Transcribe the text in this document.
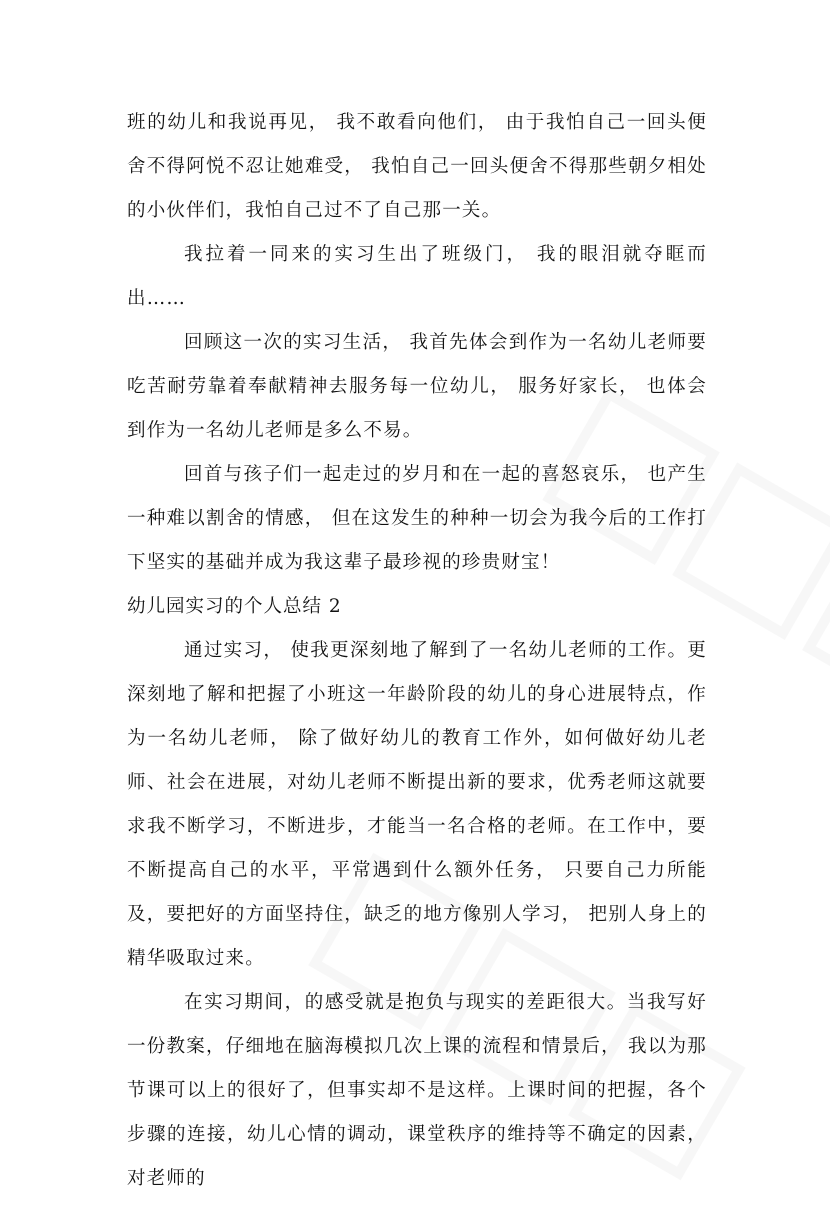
班的幼儿和我说再见， 我不敢看向他们， 由于我怕自己一回头便舍不得阿悦不忍让她难受， 我怕自己一回头便舍不得那些朝夕相处的小伙伴们，我怕自己过不了自己那一关。

我拉着一同来的实习生出了班级门， 我的眼泪就夺眶而出……

回顾这一次的实习生活， 我首先体会到作为一名幼儿老师要吃苦耐劳靠着奉献精神去服务每一位幼儿， 服务好家长， 也体会到作为一名幼儿老师是多么不易。

回首与孩子们一起走过的岁月和在一起的喜怒哀乐， 也产生一种难以割舍的情感， 但在这发生的种种一切会为我今后的工作打下坚实的基础并成为我这辈子最珍视的珍贵财宝！

幼儿园实习的个人总结 2

通过实习， 使我更深刻地了解到了一名幼儿老师的工作。更深刻地了解和把握了小班这一年龄阶段的幼儿的身心进展特点，作为一名幼儿老师， 除了做好幼儿的教育工作外，如何做好幼儿老师、社会在进展，对幼儿老师不断提出新的要求，优秀老师这就要求我不断学习，不断进步，才能当一名合格的老师。在工作中，要不断提高自己的水平，平常遇到什么额外任务， 只要自己力所能及，要把好的方面坚持住，缺乏的地方像别人学习， 把别人身上的精华吸取过来。

在实习期间，的感受就是抱负与现实的差距很大。当我写好一份教案，仔细地在脑海模拟几次上课的流程和情景后， 我以为那节课可以上的很好了，但事实却不是这样。上课时间的把握，各个步骤的连接，幼儿心情的调动，课堂秩序的维持等不确定的因素，对老师的
